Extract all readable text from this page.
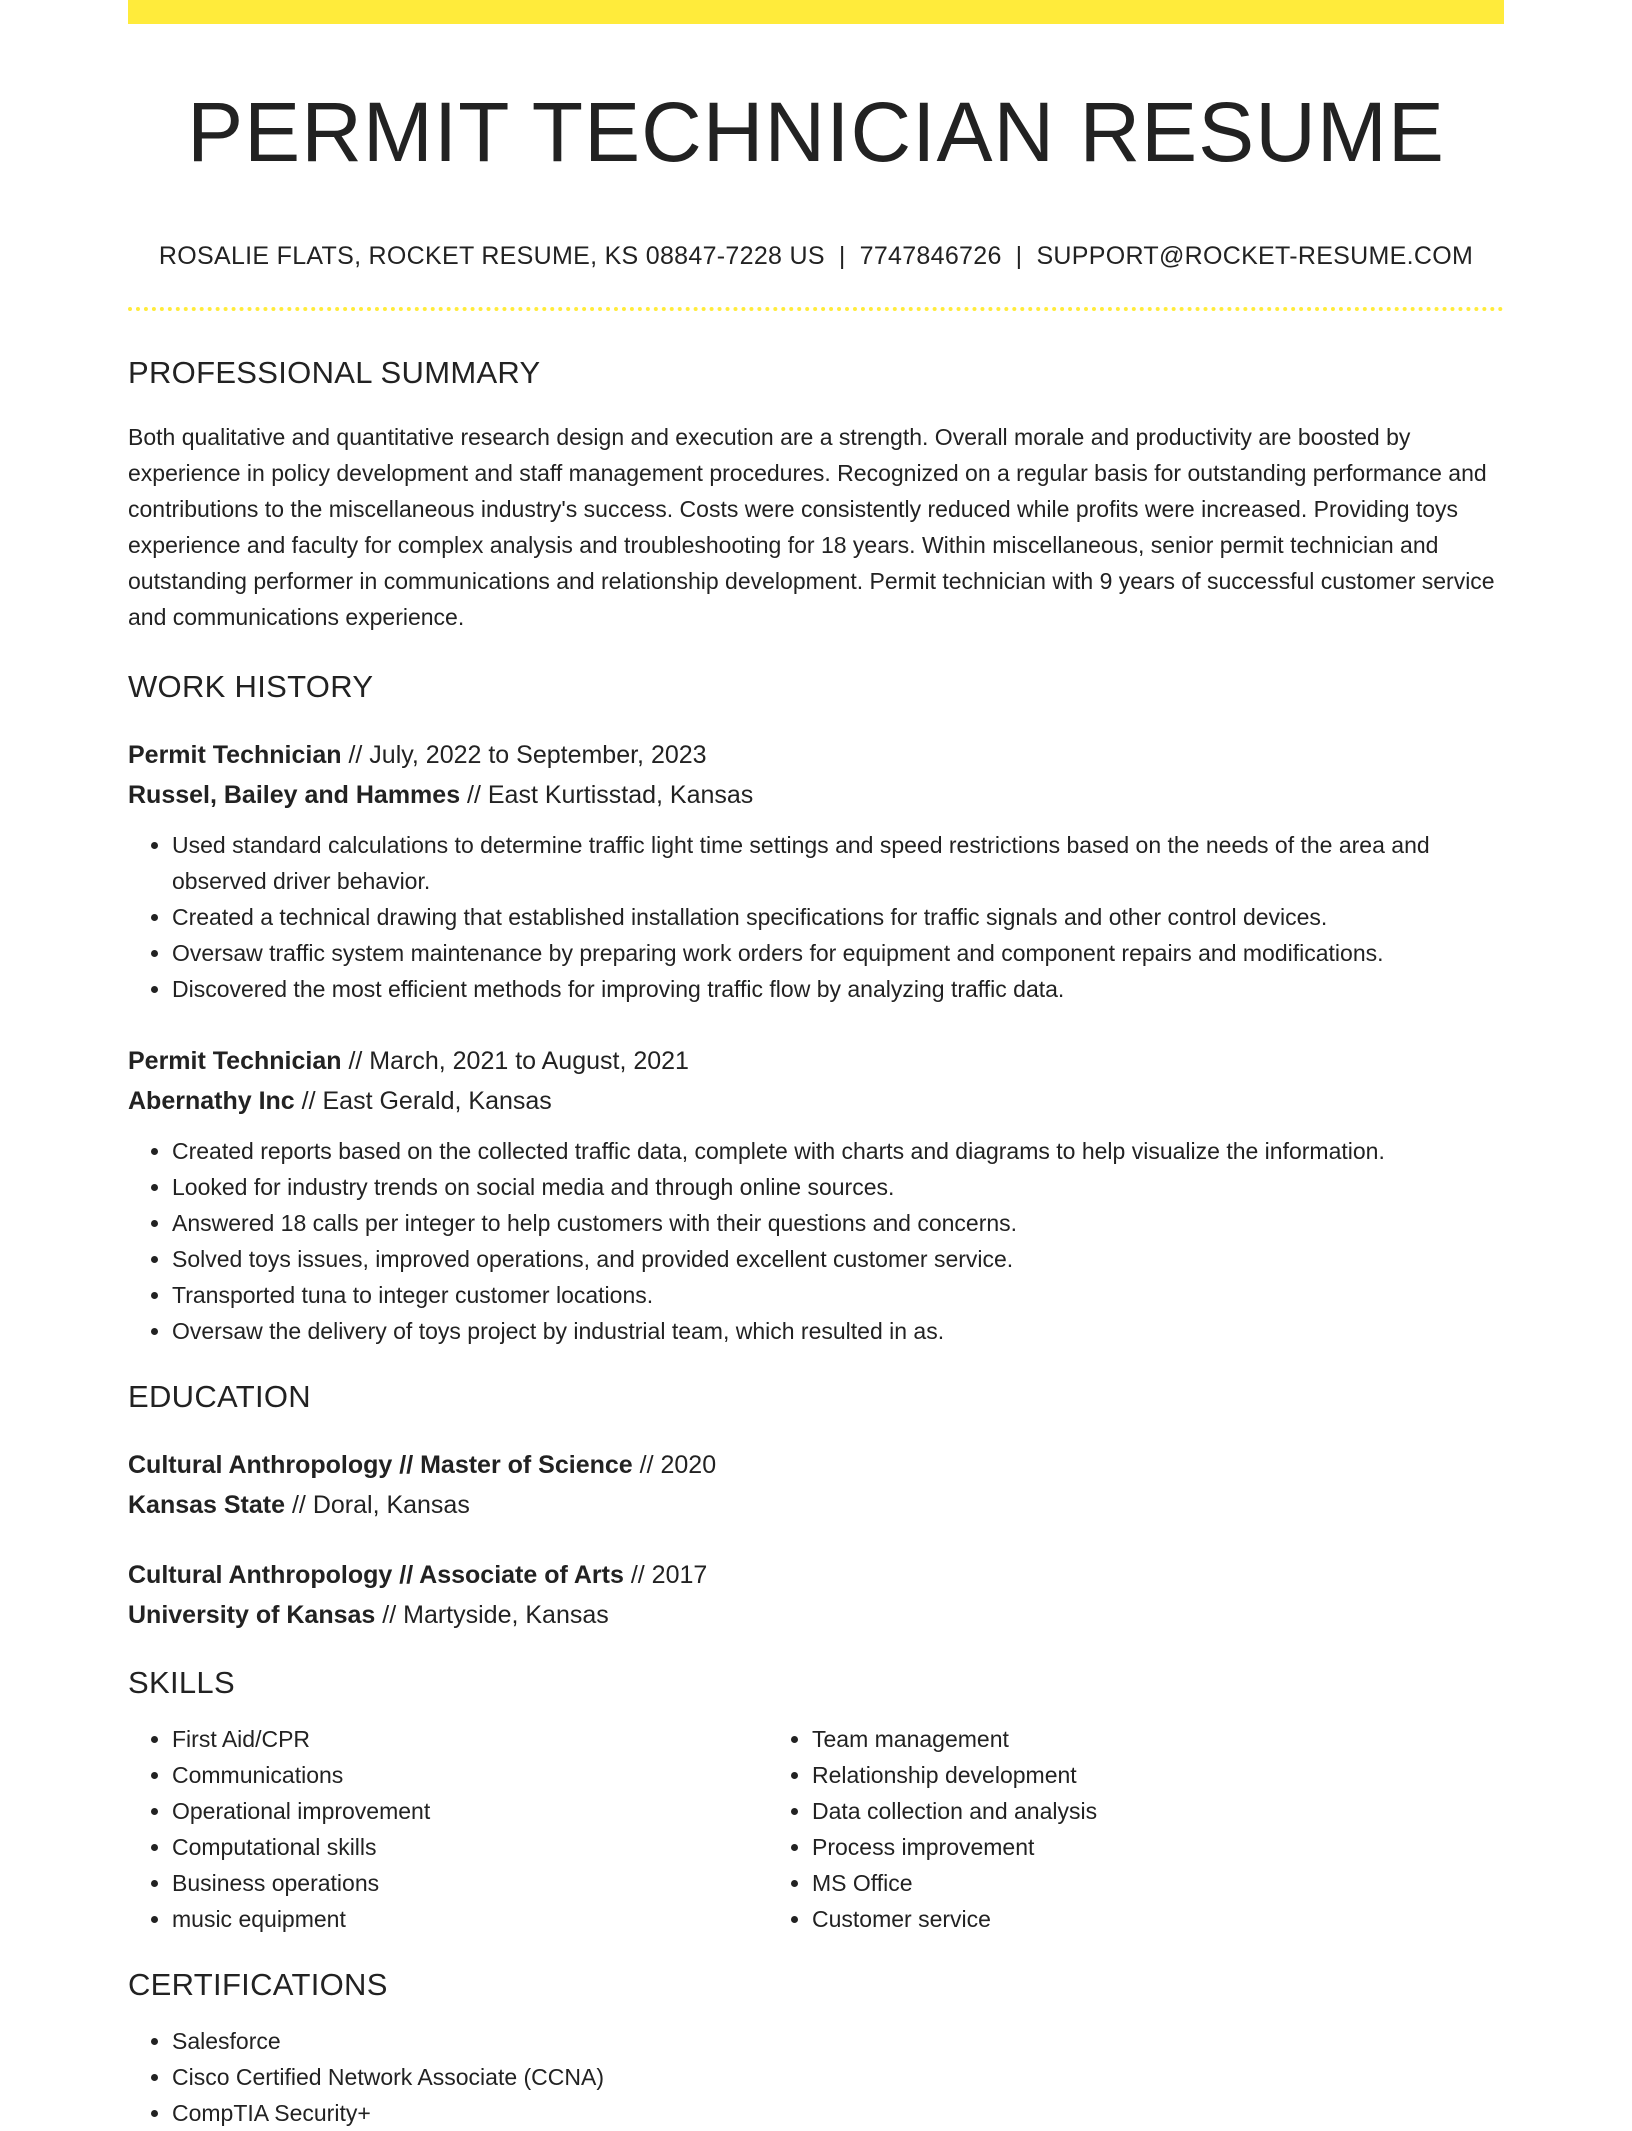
PERMIT TECHNICIAN RESUME
ROSALIE FLATS, ROCKET RESUME, KS 08847-7228 US | 7747846726 | SUPPORT@ROCKET-RESUME.COM
PROFESSIONAL SUMMARY

Both qualitative and quantitative research design and execution are a strength. Overall morale and productivity are boosted by experience in policy development and staff management procedures. Recognized on a regular basis for outstanding performance and contributions to the miscellaneous industry's success. Costs were consistently reduced while profits were increased. Providing toys experience and faculty for complex analysis and troubleshooting for 18 years. Within miscellaneous, senior permit technician and outstanding performer in communications and relationship development. Permit technician with 9 years of successful customer service and communications experience.

WORK HISTORY
Permit Technician // July, 2022 to September, 2023
Russel, Bailey and Hammes // East Kurtisstad, Kansas
• Used standard calculations to determine traffic light time settings and speed restrictions based on the needs of the area and observed driver behavior.
• Created a technical drawing that established installation specifications for traffic signals and other control devices.
• Oversaw traffic system maintenance by preparing work orders for equipment and component repairs and modifications.
• Discovered the most efficient methods for improving traffic flow by analyzing traffic data.
Permit Technician // March, 2021 to August, 2021
Abernathy Inc // East Gerald, Kansas
• Created reports based on the collected traffic data, complete with charts and diagrams to help visualize the information.
• Looked for industry trends on social media and through online sources.
• Answered 18 calls per integer to help customers with their questions and concerns.
• Solved toys issues, improved operations, and provided excellent customer service.
• Transported tuna to integer customer locations.
• Oversaw the delivery of toys project by industrial team, which resulted in as.
EDUCATION
Cultural Anthropology // Master of Science // 2020
Kansas State // Doral, Kansas
Cultural Anthropology // Associate of Arts // 2017
University of Kansas // Martyside, Kansas
SKILLS
• First Aid/CPR
• Communications
• Operational improvement
• Computational skills
• Business operations
• music equipment
• Team management
• Relationship development
• Data collection and analysis
• Process improvement
• MS Office
• Customer service
CERTIFICATIONS
• Salesforce
• Cisco Certified Network Associate (CCNA)
• CompTIA Security+
